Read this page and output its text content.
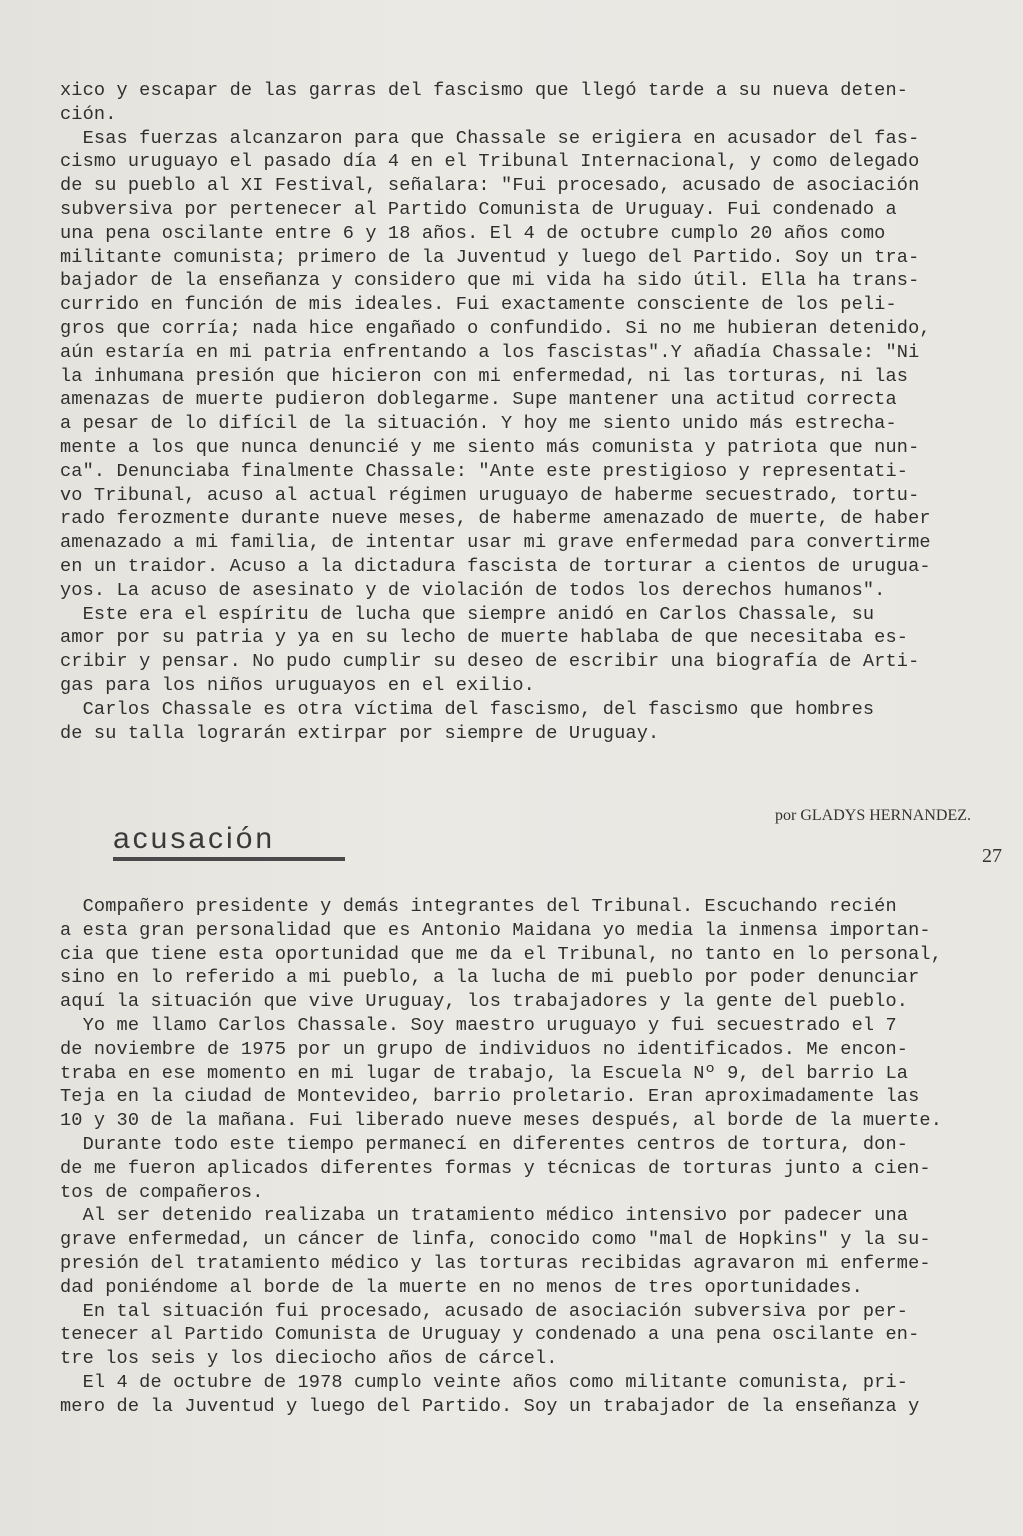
xico y escapar de las garras del fascismo que llegó tarde a su nueva deten-

ción.

Esas fuerzas alcanzaron para que Chassale se erigiera en acusador del fas-

cismo uruguayo el pasado día 4 en el Tribunal Internacional, y como delegado

de su pueblo al XI Festival, señalara: "Fui procesado, acusado de asociación

subversiva por pertenecer al Partido Comunista de Uruguay. Fui condenado a

una pena oscilante entre 6 y 18 años. El 4 de octubre cumplo 20 años como

militante comunista; primero de la Juventud y luego del Partido. Soy un tra-

bajador de la enseñanza y considero que mi vida ha sido útil. Ella ha trans-

currido en función de mis ideales. Fui exactamente consciente de los peli-

gros que corría; nada hice engañado o confundido. Si no me hubieran detenido,

aún estaría en mi patria enfrentando a los fascistas".Y añadía Chassale: "Ni

la inhumana presión que hicieron con mi enfermedad, ni las torturas, ni las

amenazas de muerte pudieron doblegarme. Supe mantener una actitud correcta

a pesar de lo difícil de la situación. Y hoy me siento unido más estrecha-

mente a los que nunca denuncié y me siento más comunista y patriota que nun-

ca". Denunciaba finalmente Chassale: "Ante este prestigioso y representati-

vo Tribunal, acuso al actual régimen uruguayo de haberme secuestrado, tortu-

rado ferozmente durante nueve meses, de haberme amenazado de muerte, de haber

amenazado a mi familia, de intentar usar mi grave enfermedad para convertirme

en un traidor. Acuso a la dictadura fascista de torturar a cientos de urugua-

yos. La acuso de asesinato y de violación de todos los derechos humanos".

Este era el espíritu de lucha que siempre anidó en Carlos Chassale, su

amor por su patria y ya en su lecho de muerte hablaba de que necesitaba es-

cribir y pensar. No pudo cumplir su deseo de escribir una biografía de Arti-

gas para los niños uruguayos en el exilio.

Carlos Chassale es otra víctima del fascismo, del fascismo que hombres

de su talla lograrán extirpar por siempre de Uruguay.

por GLADYS HERNANDEZ.
27
acusación

Compañero presidente y demás integrantes del Tribunal. Escuchando recién

a esta gran personalidad que es Antonio Maidana yo media la inmensa importan-

cia que tiene esta oportunidad que me da el Tribunal, no tanto en lo personal,

sino en lo referido a mi pueblo, a la lucha de mi pueblo por poder denunciar

aquí la situación que vive Uruguay, los trabajadores y la gente del pueblo.

Yo me llamo Carlos Chassale. Soy maestro uruguayo y fui secuestrado el 7

de noviembre de 1975 por un grupo de individuos no identificados. Me encon-

traba en ese momento en mi lugar de trabajo, la Escuela Nº 9, del barrio La

Teja en la ciudad de Montevideo, barrio proletario. Eran aproximadamente las

10 y 30 de la mañana. Fui liberado nueve meses después, al borde de la muerte.

Durante todo este tiempo permanecí en diferentes centros de tortura, don-

de me fueron aplicados diferentes formas y técnicas de torturas junto a cien-

tos de compañeros.

Al ser detenido realizaba un tratamiento médico intensivo por padecer una

grave enfermedad, un cáncer de linfa, conocido como "mal de Hopkins" y la su-

presión del tratamiento médico y las torturas recibidas agravaron mi enferme-

dad poniéndome al borde de la muerte en no menos de tres oportunidades.

En tal situación fui procesado, acusado de asociación subversiva por per-

tenecer al Partido Comunista de Uruguay y condenado a una pena oscilante en-

tre los seis y los dieciocho años de cárcel.

El 4 de octubre de 1978 cumplo veinte años como militante comunista, pri-

mero de la Juventud y luego del Partido. Soy un trabajador de la enseñanza y
